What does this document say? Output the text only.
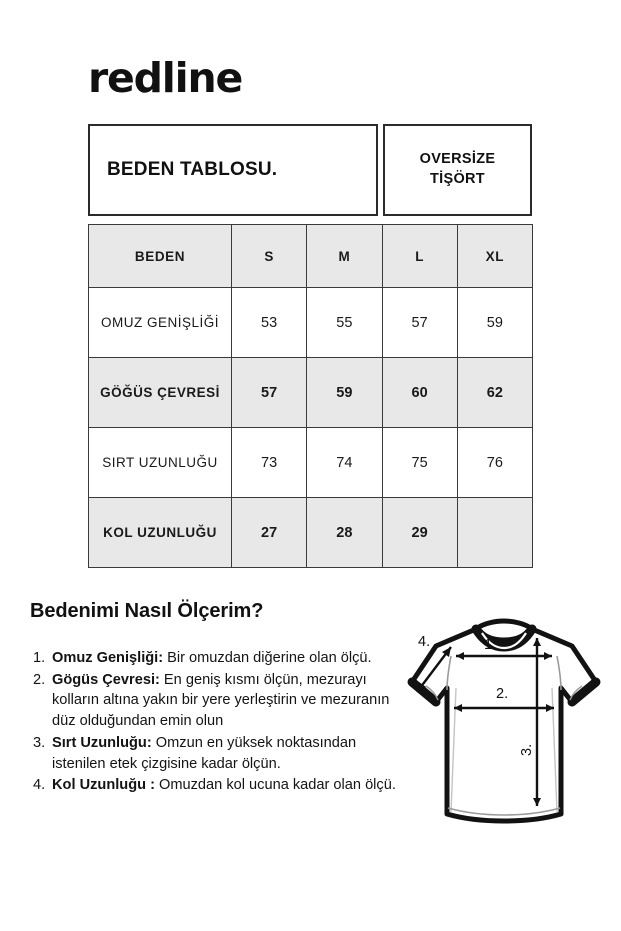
redline
BEDEN TABLOSU.	OVERSİZE
TİŞÖRT
BEDEN	S	M	L	XL
OMUZ GENİŞLİĞİ	53	55	57	59
GÖĞÜS ÇEVRESİ	57	59	60	62
SIRT UZUNLUĞU	73	74	75	76
KOL UZUNLUĞU	27	28	29	
Bedenimi Nasıl Ölçerim?
1. Omuz Genişliği: Bir omuzdan diğerine olan ölçü.
2. Gögüs Çevresi: En geniş kısmı ölçün, mezurayı kolların altına yakın bir yere yerleştirin ve mezuranın düz olduğundan emin olun
3. Sırt Uzunluğu: Omzun en yüksek noktasından istenilen etek çizgisine kadar ölçün.
4. Kol Uzunluğu : Omuzdan kol ucuna kadar olan ölçü.
1.
2.
3.
4.
